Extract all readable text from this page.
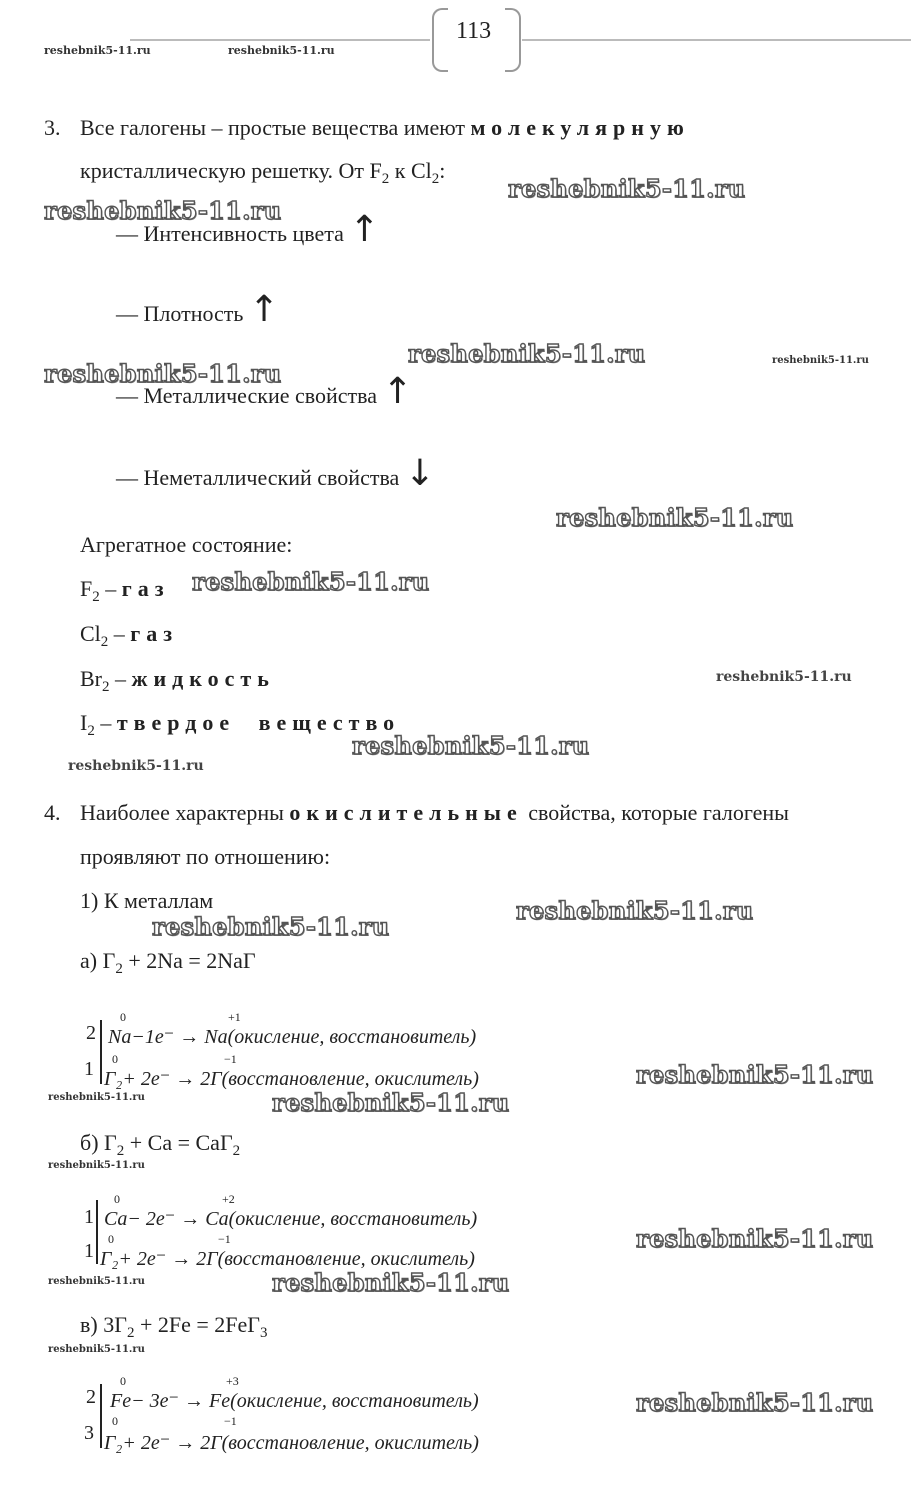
113
reshebnik5-11.ru	reshebnik5-11.ru
3. Все галогены – простые вещества имеют молекулярную
кристаллическую решетку. От $F_2$ к $Cl_2$:
reshebnik5-11.ru
reshebnik5-11.ru
— Интенсивность цвета ↑
— Плотность ↑
reshebnik5-11.ru	reshebnik5-11.ru
reshebnik5-11.ru
— Металлические свойства ↑
— Неметаллический свойства ↓
reshebnik5-11.ru
Агрегатное состояние:
$F_2$ – газ reshebnik5-11.ru
$Cl_2$ – газ
$Br_2$ – жидкость	reshebnik5-11.ru
$I_2$ – твердое вещество
reshebnik5-11.ru
reshebnik5-11.ru
4. Наиболее характерны окислительные свойства, которые галогены
проявляют по отношению:
1) К металлам	reshebnik5-11.ru
reshebnik5-11.ru
а) $Г_2 + 2Na = 2NaГ$
0	+1
2 Na−1e⁻ → Na(окисление, восстановитель)
0	−1
1 Г₂+ 2e⁻ → 2Г(восстановление, окислитель)	reshebnik5-11.ru
reshebnik5-11.ru	reshebnik5-11.ru
б) $Г_2 + Ca = CaГ_2$
reshebnik5-11.ru
0	+2
1 Ca− 2e⁻ → Ca(окисление, восстановитель)
0	−1
1 Г₂+ 2e⁻ → 2Г(восстановление, окислитель)
reshebnik5-11.ru
reshebnik5-11.ru	reshebnik5-11.ru
в) $3Г_2 + 2Fe = 2FeГ_3$
reshebnik5-11.ru
0	+3
2 Fe− 3e⁻ → Fe(окисление, восстановитель)
0	−1
3 Г₂+ 2e⁻ → 2Г(восстановление, окислитель)
reshebnik5-11.ru
